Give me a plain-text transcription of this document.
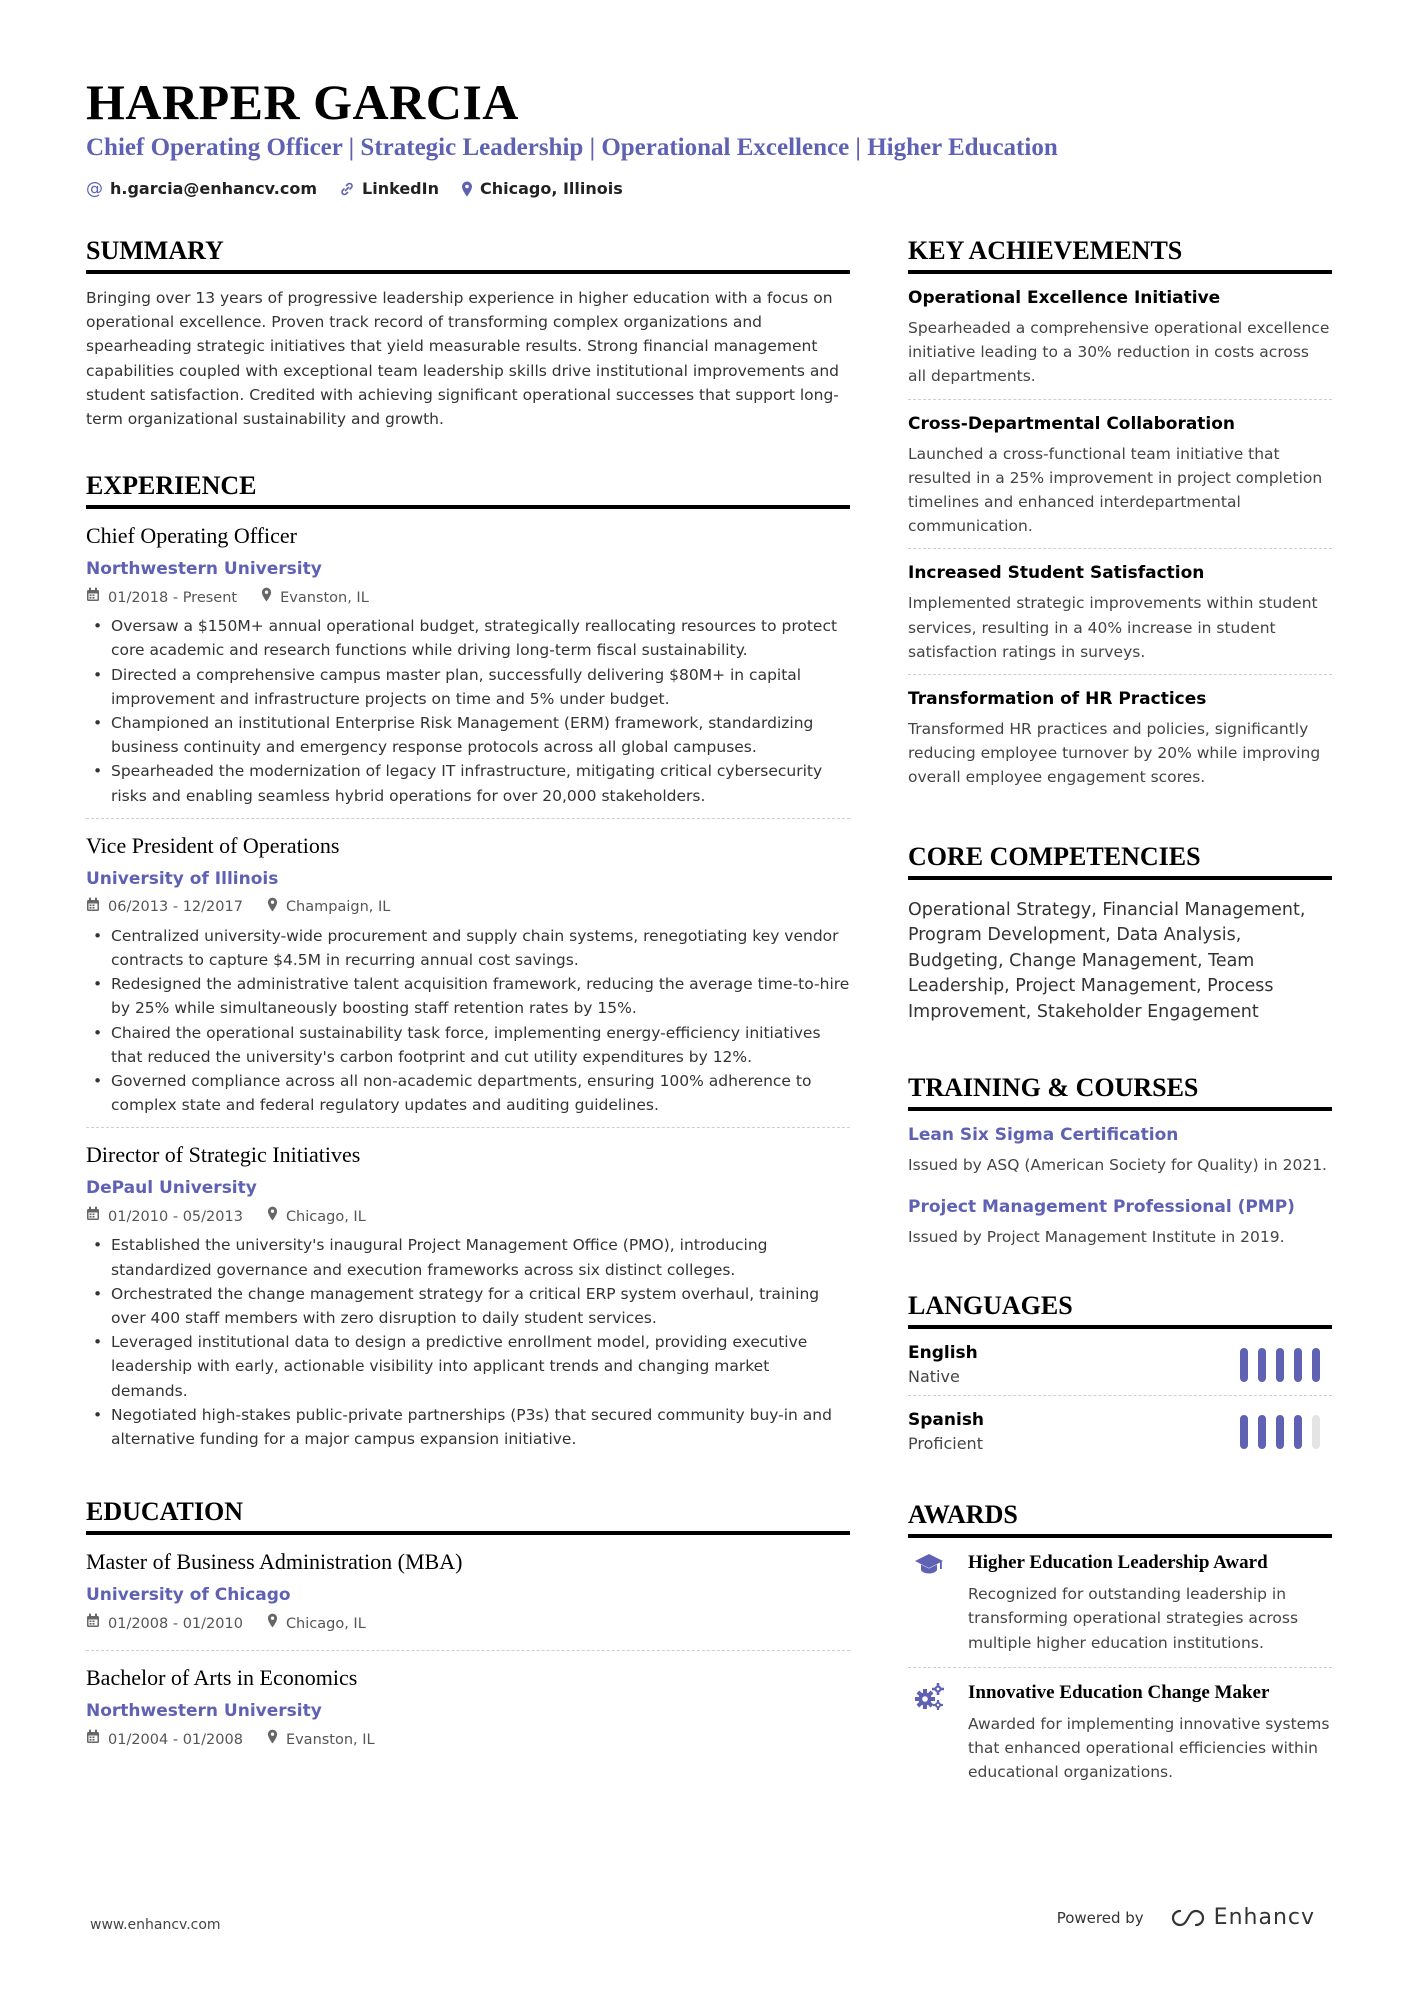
HARPER GARCIA
Chief Operating Officer | Strategic Leadership | Operational Excellence | Higher Education
@ h.garcia@enhancv.com	LinkedIn	Chicago, Illinois
SUMMARY
Bringing over 13 years of progressive leadership experience in higher education with a focus on operational excellence. Proven track record of transforming complex organizations and spearheading strategic initiatives that yield measurable results. Strong financial management capabilities coupled with exceptional team leadership skills drive institutional improvements and student satisfaction. Credited with achieving significant operational successes that support long-term organizational sustainability and growth.
EXPERIENCE
Chief Operating Officer
Northwestern University
01/2018 - Present	Evanston, IL
• Oversaw a $150M+ annual operational budget, strategically reallocating resources to protect core academic and research functions while driving long-term fiscal sustainability.
• Directed a comprehensive campus master plan, successfully delivering $80M+ in capital improvement and infrastructure projects on time and 5% under budget.
• Championed an institutional Enterprise Risk Management (ERM) framework, standardizing business continuity and emergency response protocols across all global campuses.
• Spearheaded the modernization of legacy IT infrastructure, mitigating critical cybersecurity risks and enabling seamless hybrid operations for over 20,000 stakeholders.
Vice President of Operations
University of Illinois
06/2013 - 12/2017	Champaign, IL
• Centralized university-wide procurement and supply chain systems, renegotiating key vendor contracts to capture $4.5M in recurring annual cost savings.
• Redesigned the administrative talent acquisition framework, reducing the average time-to-hire by 25% while simultaneously boosting staff retention rates by 15%.
• Chaired the operational sustainability task force, implementing energy-efficiency initiatives that reduced the university's carbon footprint and cut utility expenditures by 12%.
• Governed compliance across all non-academic departments, ensuring 100% adherence to complex state and federal regulatory updates and auditing guidelines.
Director of Strategic Initiatives
DePaul University
01/2010 - 05/2013	Chicago, IL
• Established the university's inaugural Project Management Office (PMO), introducing standardized governance and execution frameworks across six distinct colleges.
• Orchestrated the change management strategy for a critical ERP system overhaul, training over 400 staff members with zero disruption to daily student services.
• Leveraged institutional data to design a predictive enrollment model, providing executive leadership with early, actionable visibility into applicant trends and changing market demands.
• Negotiated high-stakes public-private partnerships (P3s) that secured community buy-in and alternative funding for a major campus expansion initiative.
EDUCATION
Master of Business Administration (MBA)
University of Chicago
01/2008 - 01/2010	Chicago, IL
Bachelor of Arts in Economics
Northwestern University
01/2004 - 01/2008	Evanston, IL
KEY ACHIEVEMENTS
Operational Excellence Initiative
Spearheaded a comprehensive operational excellence initiative leading to a 30% reduction in costs across all departments.
Cross-Departmental Collaboration
Launched a cross-functional team initiative that resulted in a 25% improvement in project completion timelines and enhanced interdepartmental communication.
Increased Student Satisfaction
Implemented strategic improvements within student services, resulting in a 40% increase in student satisfaction ratings in surveys.
Transformation of HR Practices
Transformed HR practices and policies, significantly reducing employee turnover by 20% while improving overall employee engagement scores.
CORE COMPETENCIES
Operational Strategy, Financial Management, Program Development, Data Analysis, Budgeting, Change Management, Team Leadership, Project Management, Process Improvement, Stakeholder Engagement
TRAINING & COURSES
Lean Six Sigma Certification
Issued by ASQ (American Society for Quality) in 2021.
Project Management Professional (PMP)
Issued by Project Management Institute in 2019.
LANGUAGES
English
Native
Spanish
Proficient
AWARDS
Higher Education Leadership Award
Recognized for outstanding leadership in transforming operational strategies across multiple higher education institutions.
Innovative Education Change Maker
Awarded for implementing innovative systems that enhanced operational efficiencies within educational organizations.
www.enhancv.com	Powered by	Enhancv
